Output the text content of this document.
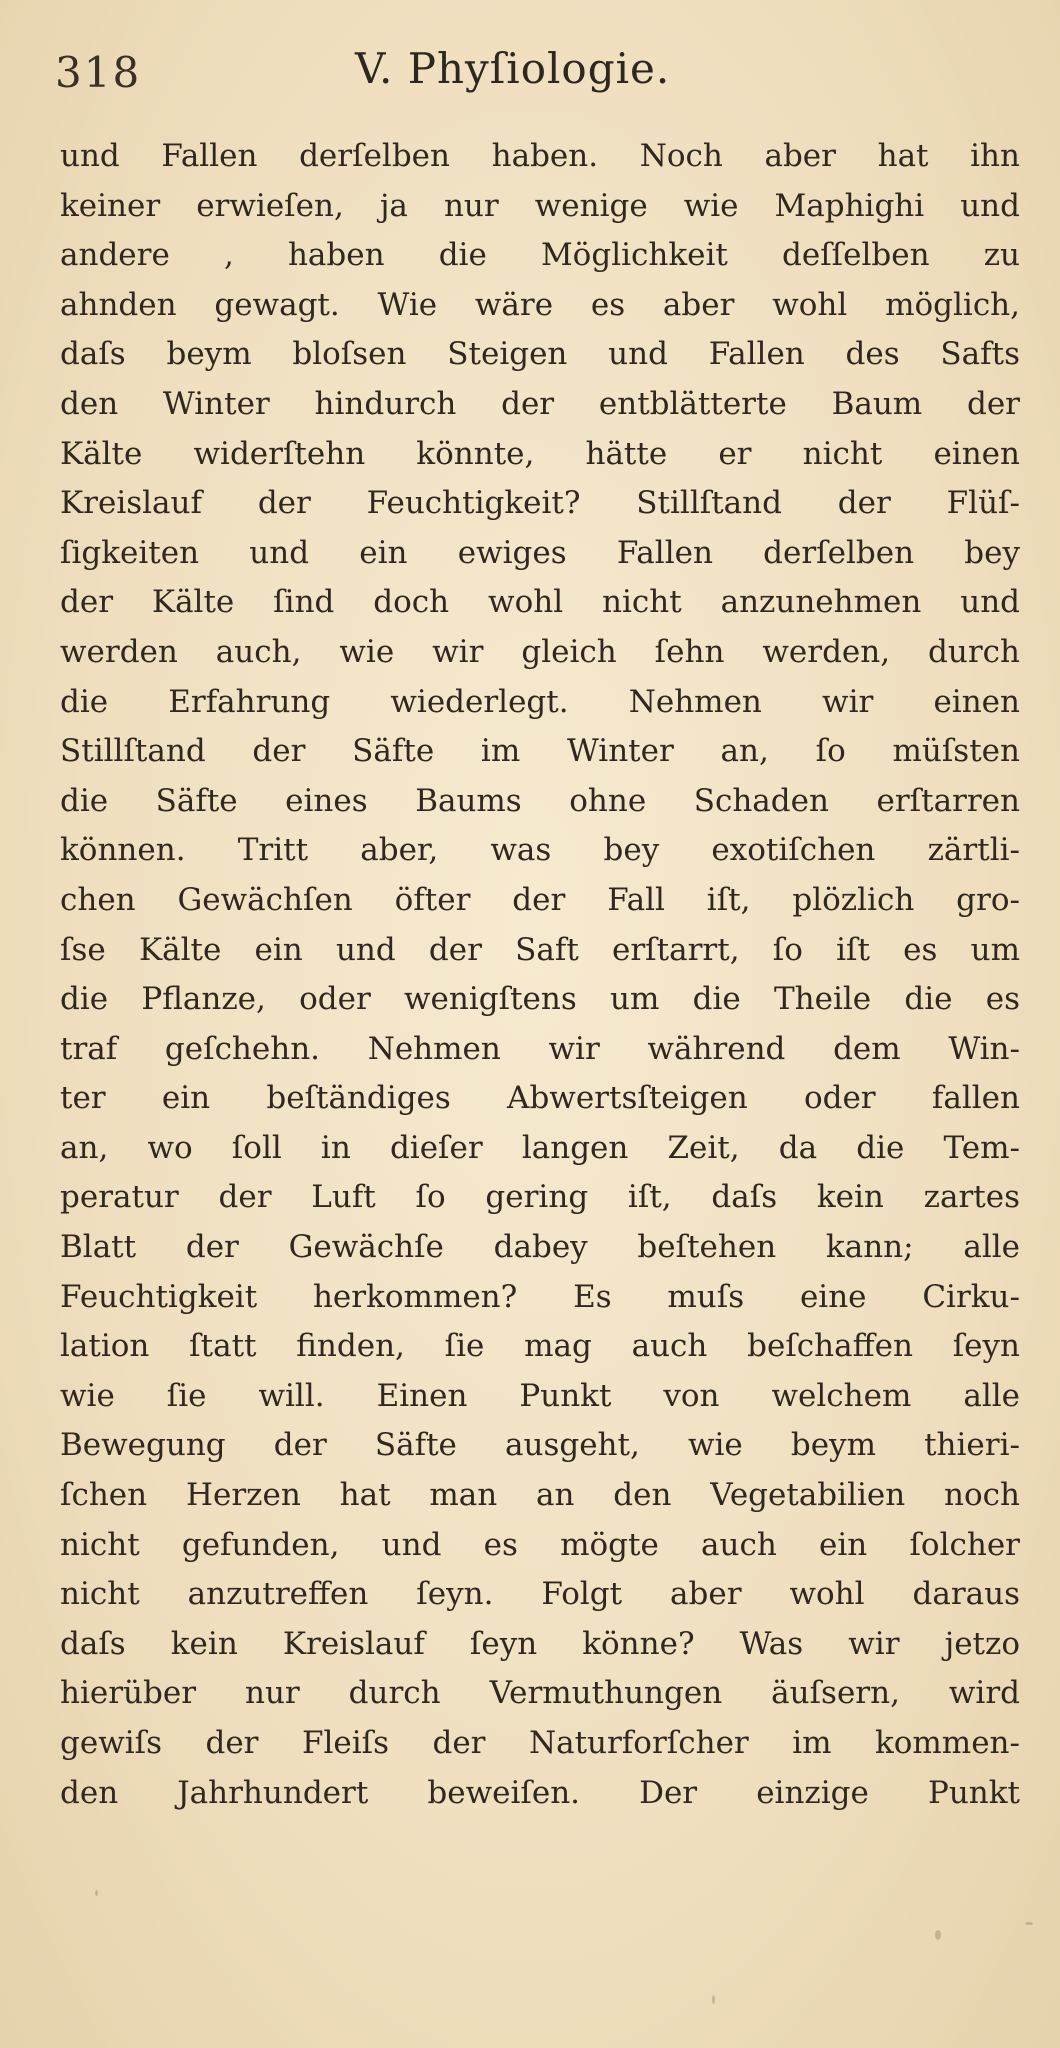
318	V. Phyſiologie.
und Fallen derſelben haben. Noch aber hat ihn
keiner erwieſen, ja nur wenige wie Maphighi und
andere , haben die Möglichkeit deſſelben zu
ahnden gewagt. Wie wäre es aber wohl möglich,
daſs beym bloſsen Steigen und Fallen des Safts
den Winter hindurch der entblätterte Baum der
Kälte widerſtehn könnte, hätte er nicht einen
Kreislauf der Feuchtigkeit? Stillſtand der Flüſ-
ſigkeiten und ein ewiges Fallen derſelben bey
der Kälte ſind doch wohl nicht anzunehmen und
werden auch, wie wir gleich ſehn werden, durch
die Erfahrung wiederlegt. Nehmen wir einen
Stillſtand der Säfte im Winter an, ſo müſsten
die Säfte eines Baums ohne Schaden erſtarren
können. Tritt aber, was bey exotiſchen zärtli-
chen Gewächſen öfter der Fall iſt, plözlich gro-
ſse Kälte ein und der Saft erſtarrt, ſo iſt es um
die Pflanze, oder wenigſtens um die Theile die es
traf geſchehn. Nehmen wir während dem Win-
ter ein beſtändiges Abwertsſteigen oder fallen
an, wo ſoll in dieſer langen Zeit, da die Tem-
peratur der Luft ſo gering iſt, daſs kein zartes
Blatt der Gewächſe dabey beſtehen kann; alle
Feuchtigkeit herkommen? Es muſs eine Cirku-
lation ſtatt finden, ſie mag auch beſchaffen ſeyn
wie ſie will. Einen Punkt von welchem alle
Bewegung der Säfte ausgeht, wie beym thieri-
ſchen Herzen hat man an den Vegetabilien noch
nicht gefunden, und es mögte auch ein ſolcher
nicht anzutreffen ſeyn. Folgt aber wohl daraus
daſs kein Kreislauf ſeyn könne? Was wir jetzo
hierüber nur durch Vermuthungen äuſsern, wird
gewiſs der Fleiſs der Naturforſcher im kommen-
den Jahrhundert beweiſen. Der einzige Punkt
